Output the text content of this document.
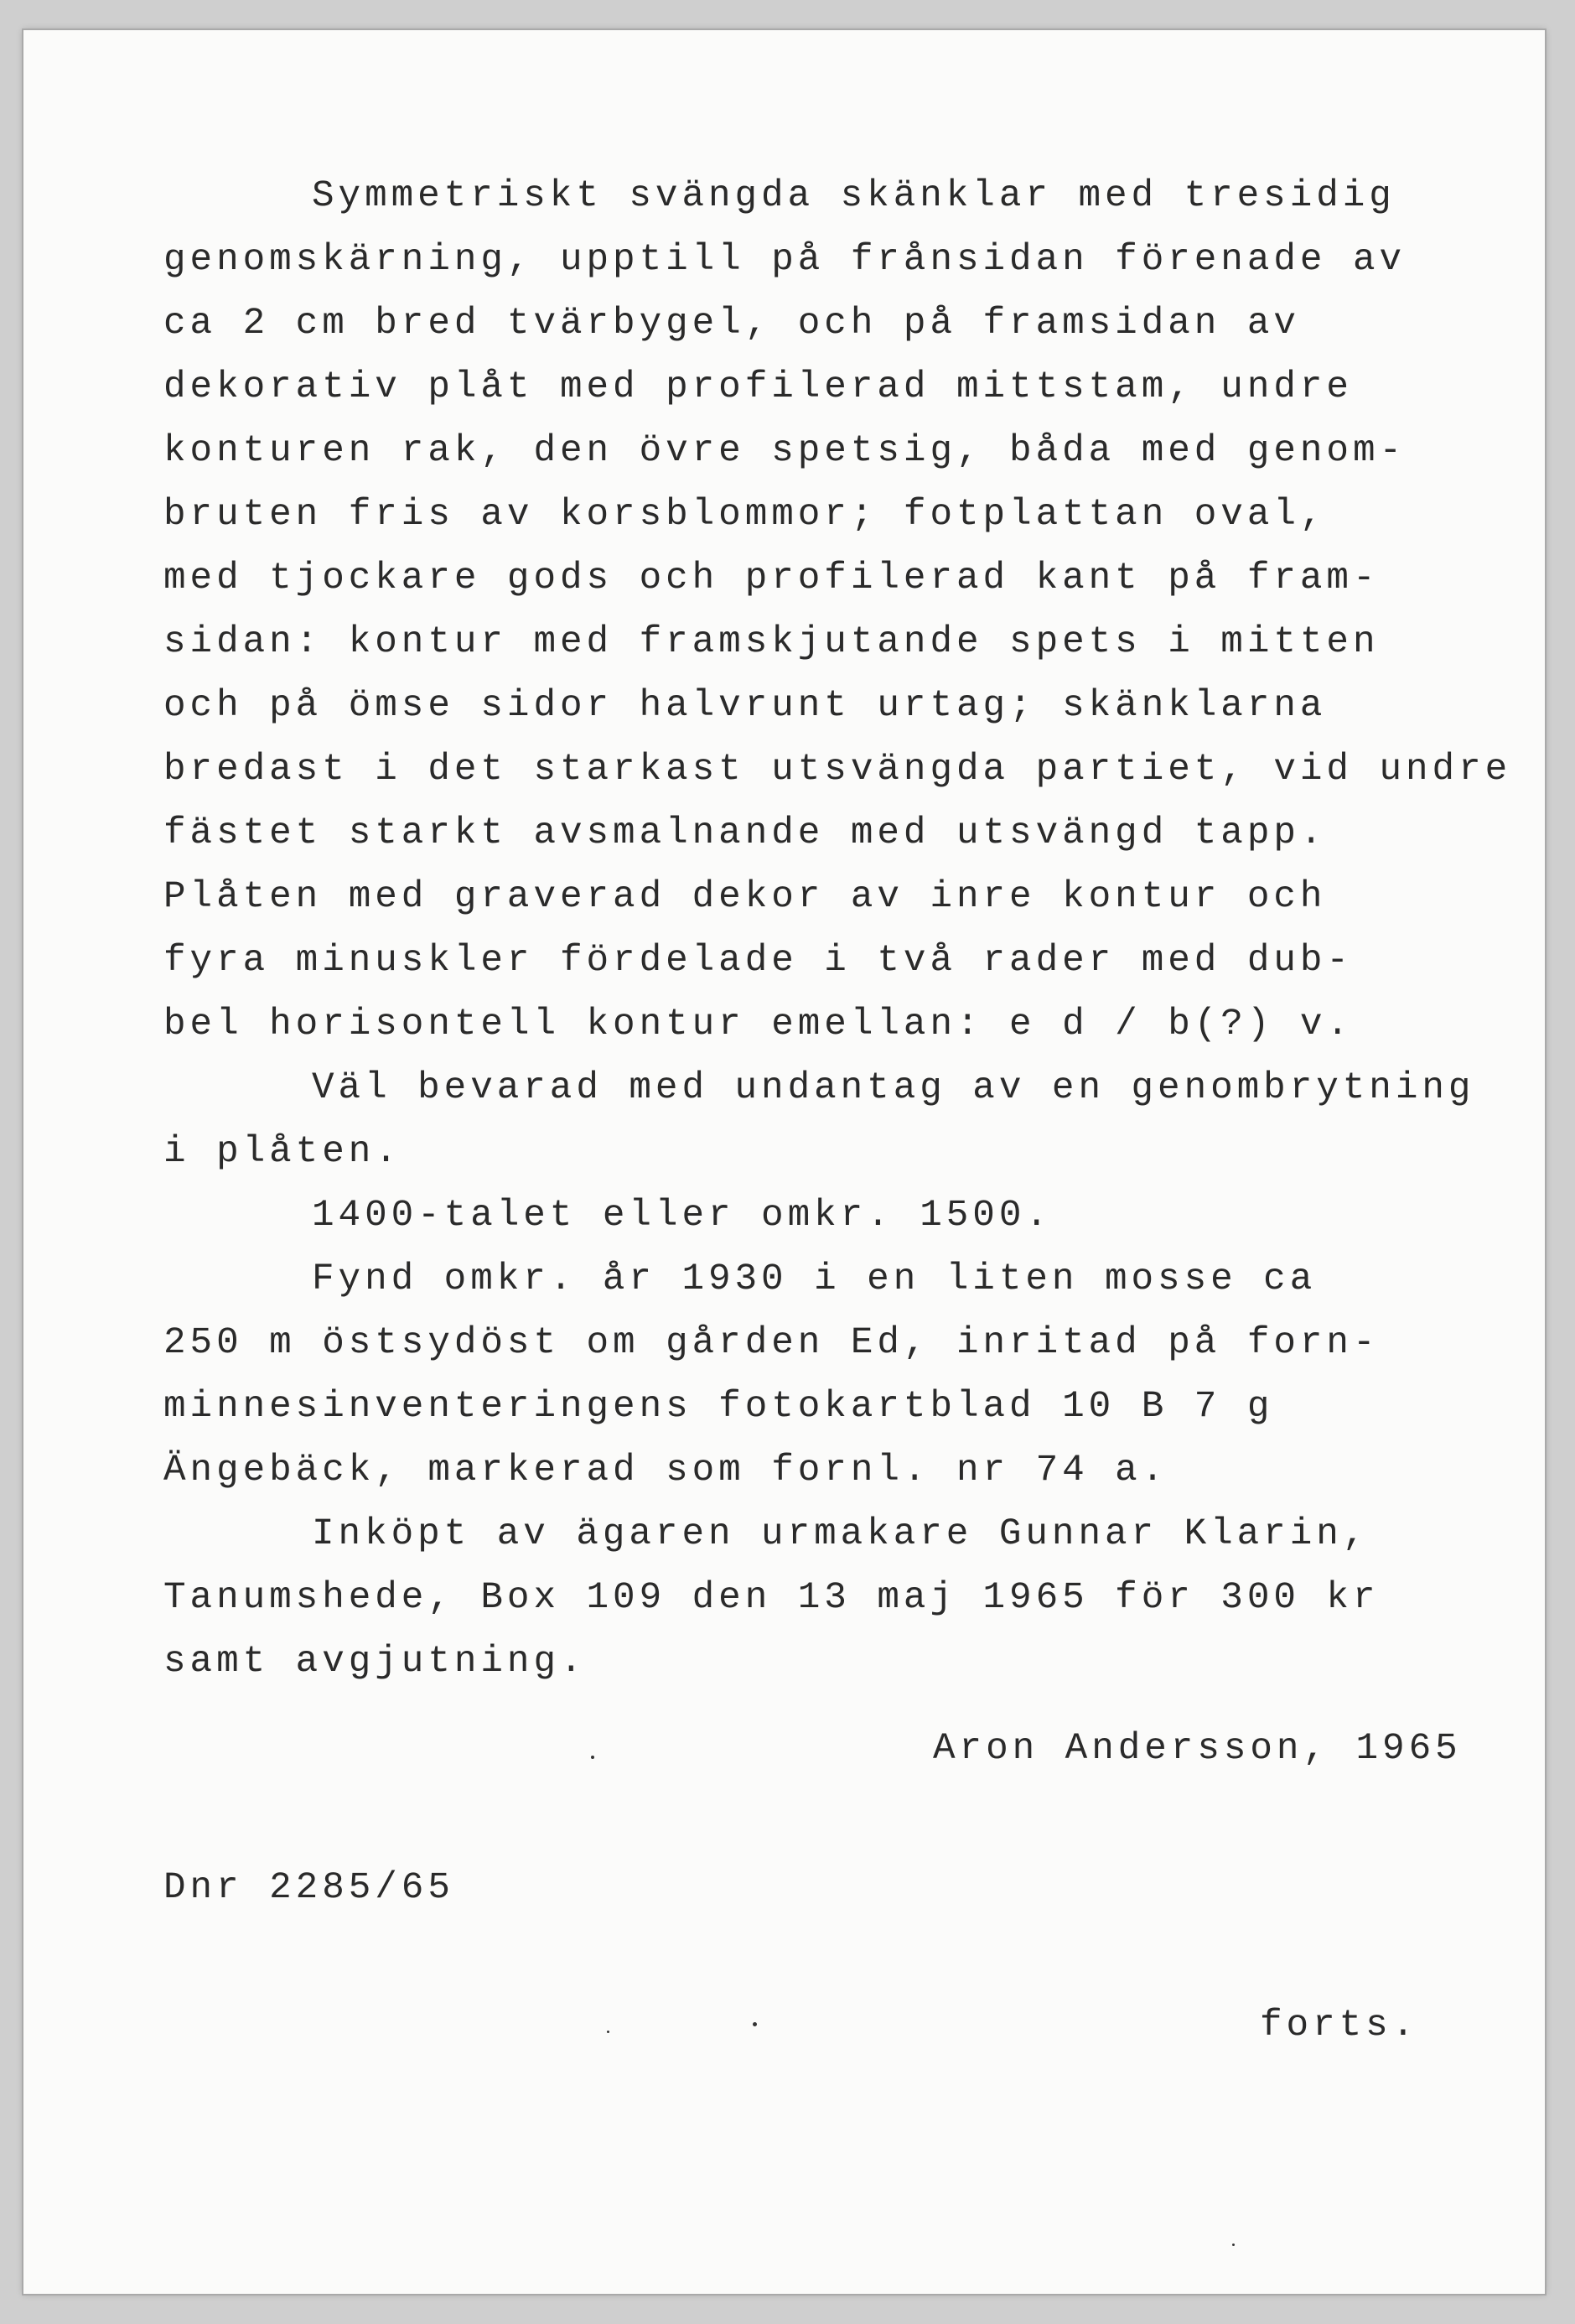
Symmetriskt svängda skänklar med tresidig

genomskärning, upptill på frånsidan förenade av

ca 2 cm bred tvärbygel, och på framsidan av

dekorativ plåt med profilerad mittstam, undre

konturen rak, den övre spetsig, båda med genom-

bruten fris av korsblommor; fotplattan oval,

med tjockare gods och profilerad kant på fram-

sidan: kontur med framskjutande spets i mitten

och på ömse sidor halvrunt urtag; skänklarna

bredast i det starkast utsvängda partiet, vid undre

fästet starkt avsmalnande med utsvängd tapp.

Plåten med graverad dekor av inre kontur och

fyra minuskler fördelade i två rader med dub-

bel horisontell kontur emellan: e d / b(?) v.

Väl bevarad med undantag av en genombrytning

i plåten.

1400-talet eller omkr. 1500.

Fynd omkr. år 1930 i en liten mosse ca

250 m östsydöst om gården Ed, inritad på forn-

minnesinventeringens fotokartblad 10 B 7 g

Ängebäck, markerad som fornl. nr 74 a.

Inköpt av ägaren urmakare Gunnar Klarin,

Tanumshede, Box 109 den 13 maj 1965 för 300 kr

samt avgjutning.

Aron Andersson, 1965

Dnr 2285/65

forts.
